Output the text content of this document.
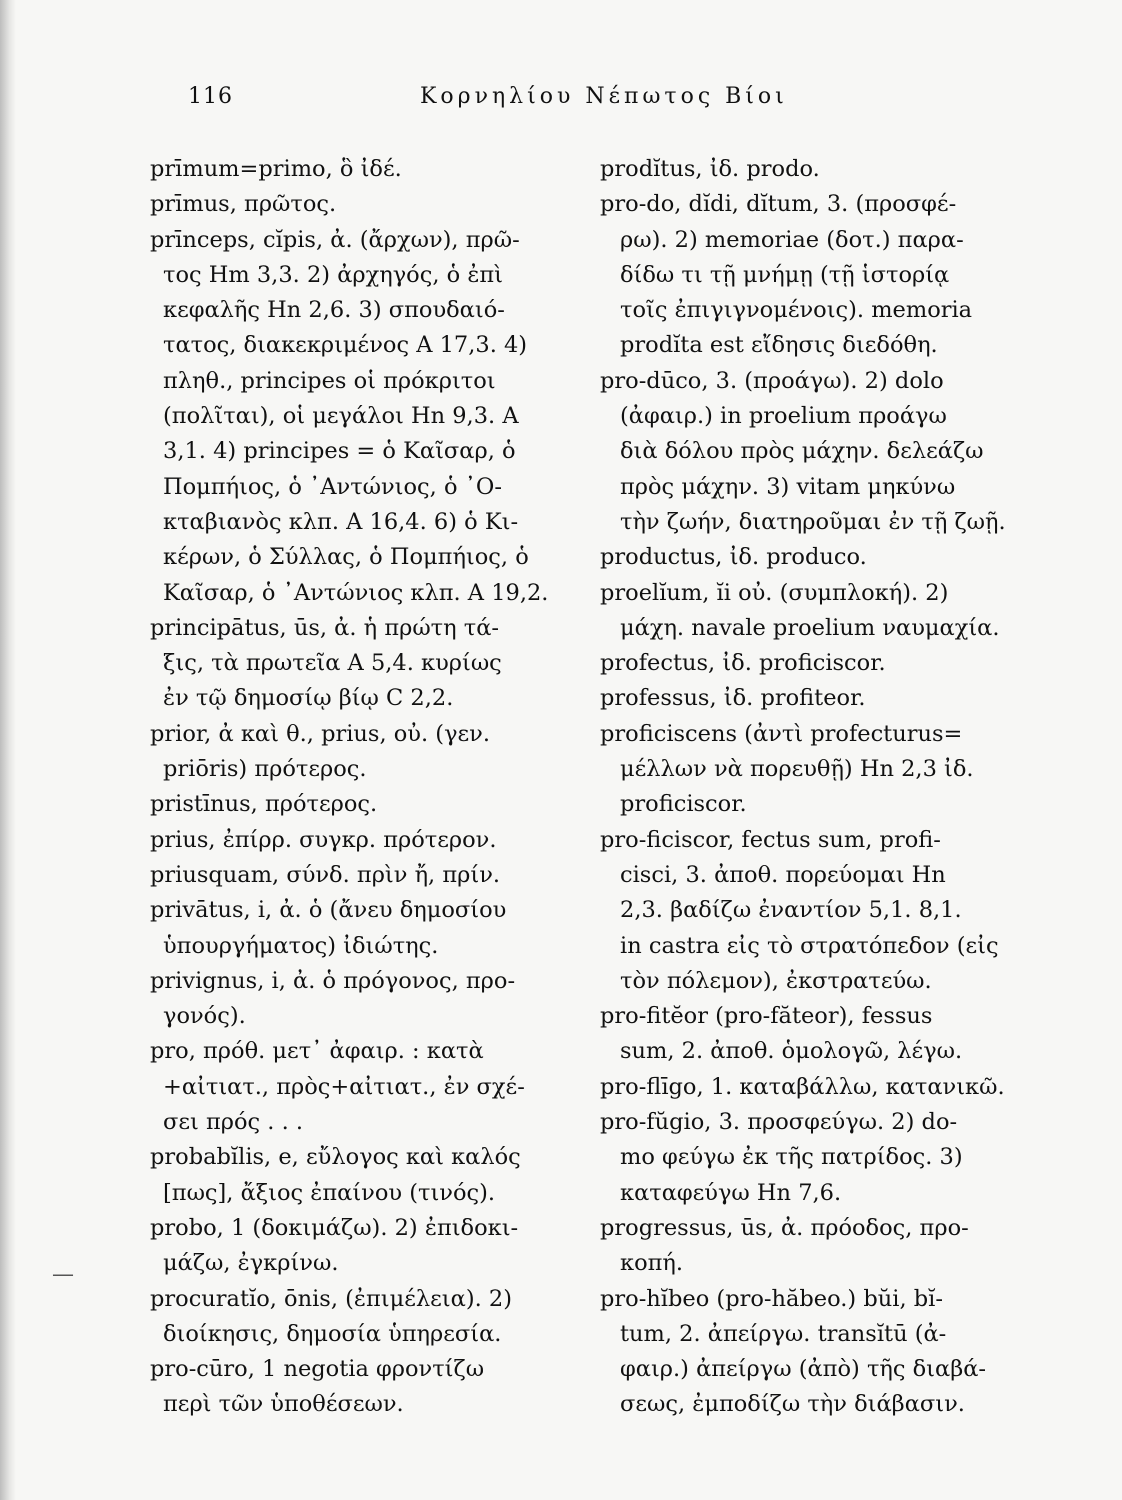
116	Κορνηλίου Νέπωτος Βίοι
prīmum=primo, ὃ ἰδέ.
prīmus, πρῶτος.
prīnceps, cĭpis, ἀ. (ἄρχων), πρῶ-
τος Hm 3,3. 2) ἀρχηγός, ὁ ἐπὶ
κεφαλῆς Hn 2,6. 3) σπουδαιό-
τατος, διακεκριμένος A 17,3. 4)
πληθ., principes οἱ πρόκριτοι
(πολῖται), οἱ μεγάλοι Hn 9,3. A
3,1. 4) principes = ὁ Καῖσαρ, ὁ
Πομπήιος, ὁ ᾿Αντώνιος, ὁ ᾿Ο-
κταβιανὸς κλπ. A 16,4. 6) ὁ Κι-
κέρων, ὁ Σύλλας, ὁ Πομπήιος, ὁ
Καῖσαρ, ὁ ᾿Αντώνιος κλπ. A 19,2.
principātus, ūs, ἀ. ἡ πρώτη τά-
ξις, τὰ πρωτεῖα A 5,4. κυρίως
ἐν τῷ δημοσίῳ βίῳ C 2,2.
prior, ἀ καὶ θ., prius, οὐ. (γεν.
priōris) πρότερος.
pristīnus, πρότερος.
prius, ἐπίρρ. συγκρ. πρότερον.
priusquam, σύνδ. πρὶν ἤ, πρίν.
privātus, i, ἀ. ὁ (ἄνευ δημοσίου
ὑπουργήματος) ἰδιώτης.
privignus, i, ἀ. ὁ πρόγονος, προ-
γονός).
pro, πρόθ. μετ᾿ ἀφαιρ. : κατὰ
+αἰτιατ., πρὸς+αἰτιατ., ἐν σχέ-
σει πρός . . .
probabĭlis, e, εὔλογος καὶ καλός
[πως], ἄξιος ἐπαίνου (τινός).
probo, 1 (δοκιμάζω). 2) ἐπιδοκι-
μάζω, ἐγκρίνω.
procuratĭo, ōnis, (ἐπιμέλεια). 2)
διοίκησις, δημοσία ὑπηρεσία.
pro-cūro, 1 negotia φροντίζω
περὶ τῶν ὑποθέσεων.
prodĭtus, ἰδ. prodo.
pro-do, dĭdi, dĭtum, 3. (προσφέ-
ρω). 2) memoriae (δοτ.) παρα-
δίδω τι τῇ μνήμῃ (τῇ ἱστορίᾳ
τοῖς ἐπιγιγνομένοις). memoria
prodĭta est εἴδησις διεδόθη.
pro-dūco, 3. (προάγω). 2) dolo
(ἀφαιρ.) in proelium προάγω
διὰ δόλου πρὸς μάχην. δελεάζω
πρὸς μάχην. 3) vitam μηκύνω
τὴν ζωήν, διατηροῦμαι ἐν τῇ ζωῇ.
productus, ἰδ. produco.
proelĭum, ĭi οὐ. (συμπλοκή). 2)
μάχη. navale proelium ναυμαχία.
profectus, ἰδ. proficiscor.
professus, ἰδ. profiteor.
proficiscens (ἀντὶ profecturus=
μέλλων νὰ πορευθῇ) Hn 2,3 ἰδ.
proficiscor.
pro-ficiscor, fectus sum, profi-
cisci, 3. ἀποθ. πορεύομαι Hn
2,3. βαδίζω ἐναντίον 5,1. 8,1.
in castra εἰς τὸ στρατόπεδον (εἰς
τὸν πόλεμον), ἐκστρατεύω.
pro-fitĕor (pro-făteor), fessus
sum, 2. ἀποθ. ὁμολογῶ, λέγω.
pro-flīgo, 1. καταβάλλω, κατανικῶ.
pro-fŭgio, 3. προσφεύγω. 2) do-
mo φεύγω ἐκ τῆς πατρίδος. 3)
καταφεύγω Hn 7,6.
progressus, ūs, ἀ. πρόοδος, προ-
κοπή.
pro-hĭbeo (pro-hăbeo.) bŭi, bĭ-
tum, 2. ἀπείργω. transĭtū (ἀ-
φαιρ.) ἀπείργω (ἀπὸ) τῆς διαβά-
σεως, ἐμποδίζω τὴν διάβασιν.
—
